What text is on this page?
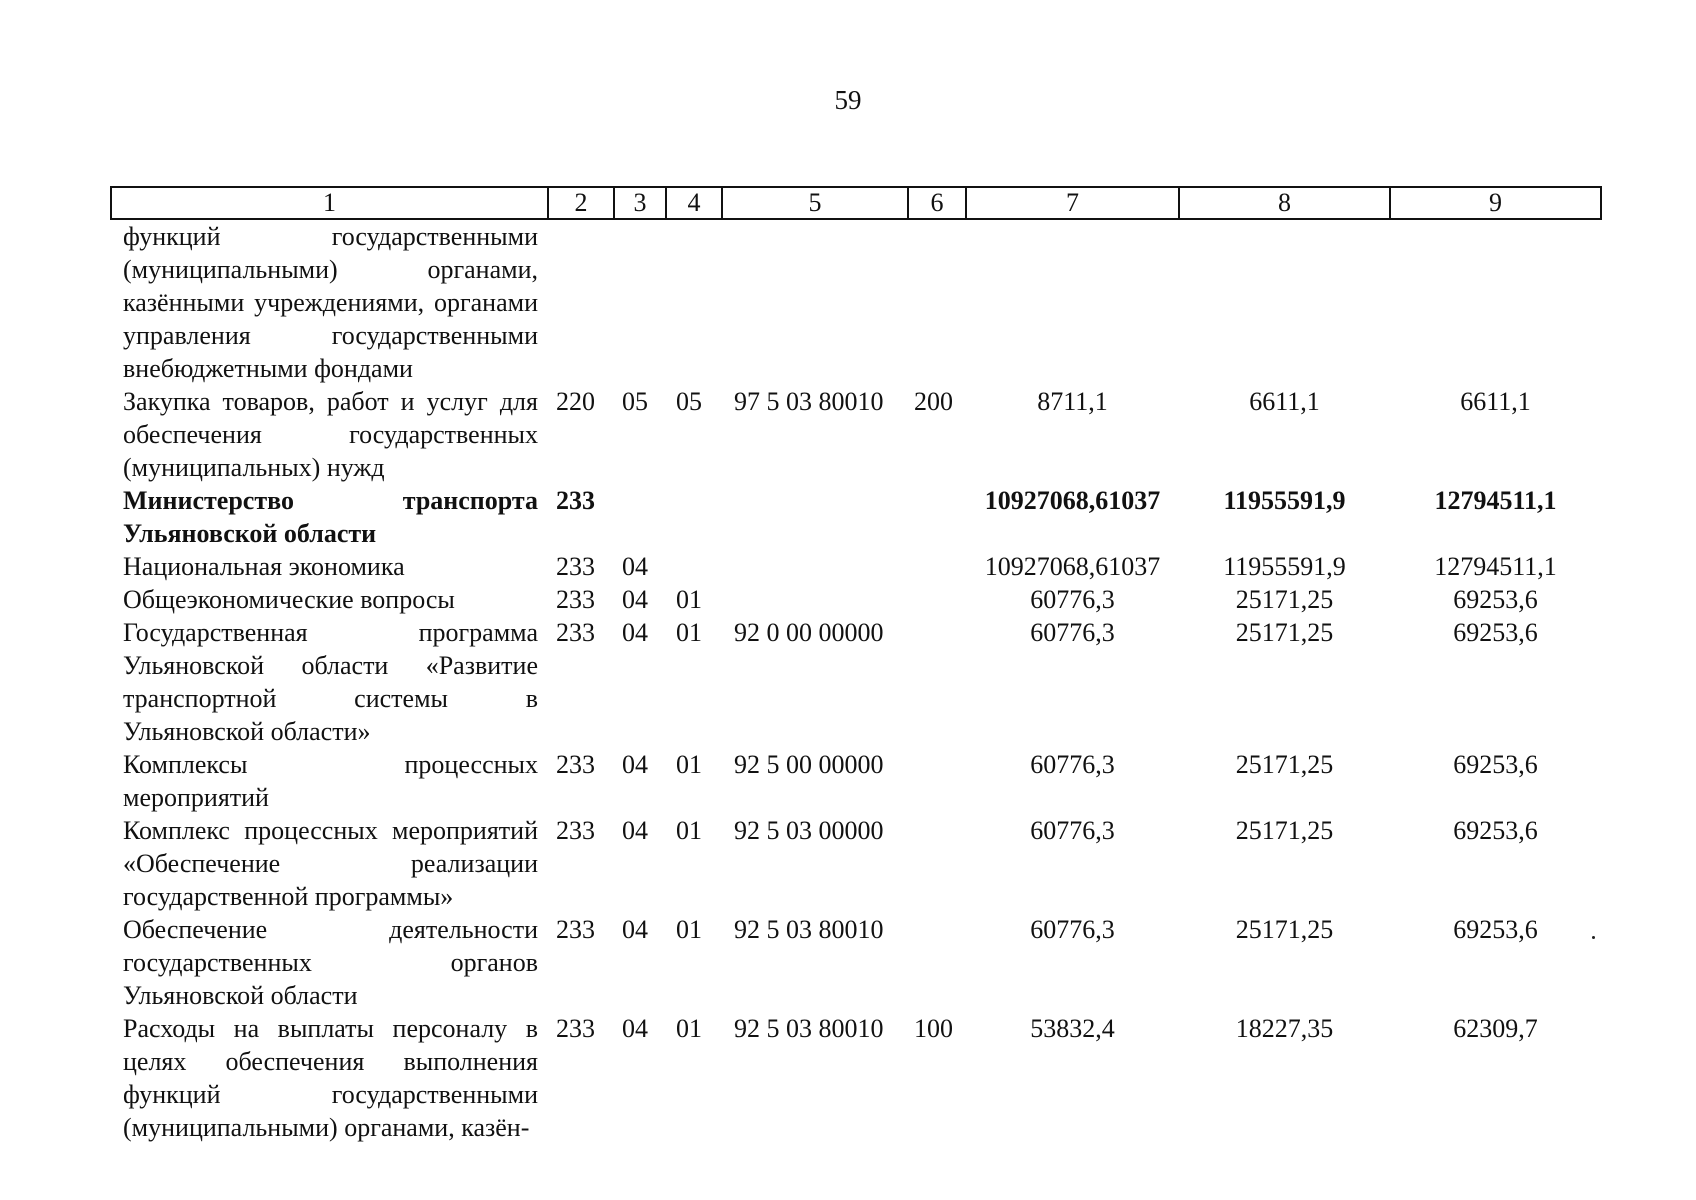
59
1	2	3	4	5	6	7	8	9
функций государственными (муниципальными) органами, казёнными учреждениями, органами управления государственными внебюджетными фондами								
Закупка товаров, работ и услуг для обеспечения государственных (муниципальных) нужд	220	05	05	97 5 03 80010	200	8711,1	6611,1	6611,1
Министерство транспорта Ульяновской области	233					10927068,61037	11955591,9	12794511,1
Национальная экономика	233	04				10927068,61037	11955591,9	12794511,1
Общеэкономические вопросы	233	04	01			60776,3	25171,25	69253,6
Государственная программа Ульяновской области «Развитие транспортной системы в Ульяновской области»	233	04	01	92 0 00 00000		60776,3	25171,25	69253,6
Комплексы процессных мероприятий	233	04	01	92 5 00 00000		60776,3	25171,25	69253,6
Комплекс процессных мероприятий «Обеспечение реализации государственной программы»	233	04	01	92 5 03 00000		60776,3	25171,25	69253,6
Обеспечение деятельности государственных органов Ульяновской области	233	04	01	92 5 03 80010		60776,3	25171,25	69253,6
Расходы на выплаты персоналу в целях обеспечения выполнения функций государственными (муниципальными) органами, казён-	233	04	01	92 5 03 80010	100	53832,4	18227,35	62309,7
